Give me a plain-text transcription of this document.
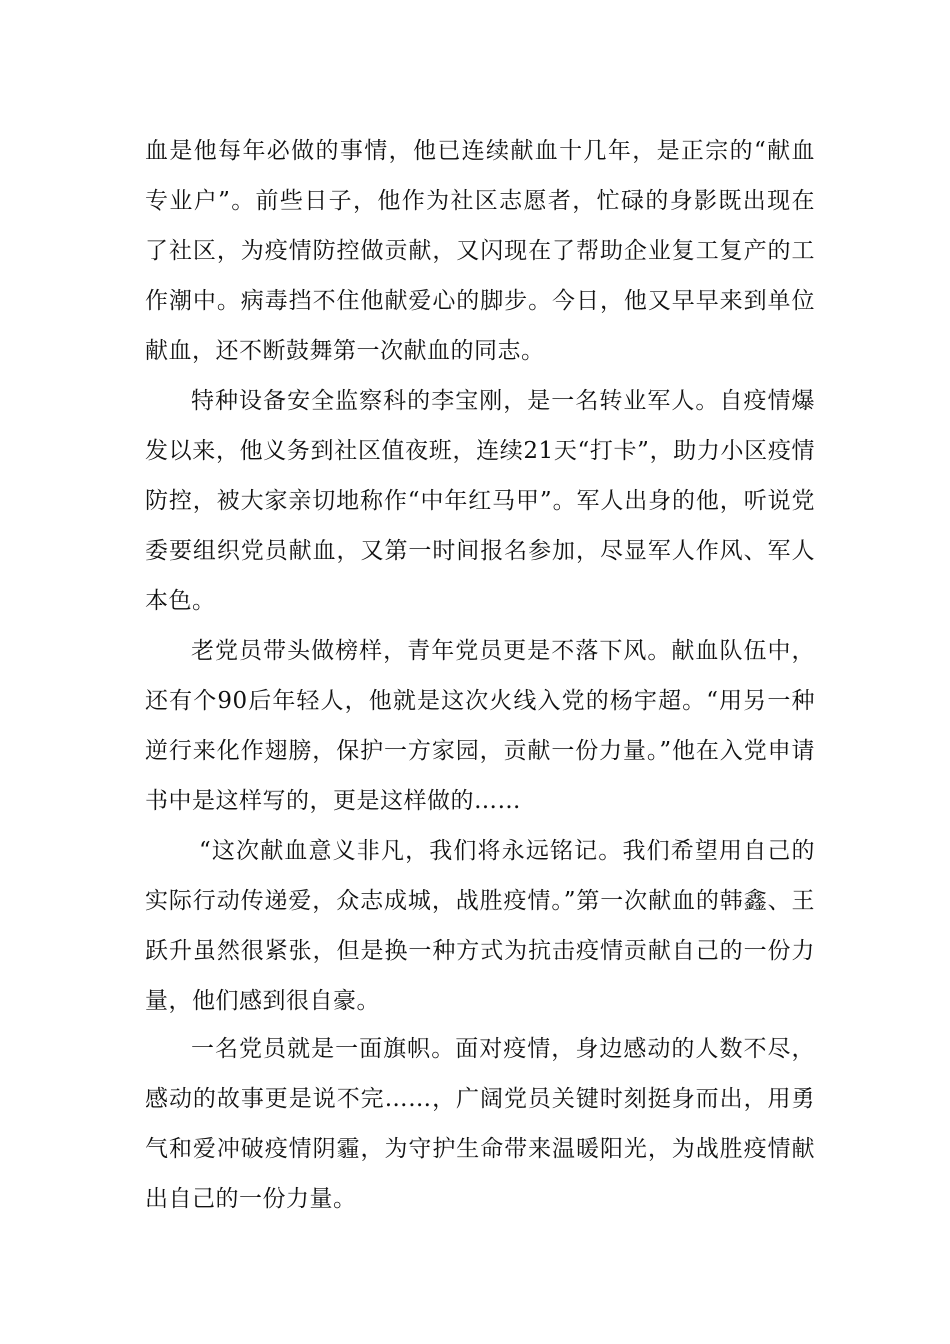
血是他每年必做的事情，他已连续献血十几年，是正宗的“献血专业户”。前些日子，他作为社区志愿者，忙碌的身影既出现在了社区，为疫情防控做贡献，又闪现在了帮助企业复工复产的工作潮中。病毒挡不住他献爱心的脚步。今日，他又早早来到单位献血，还不断鼓舞第一次献血的同志。

特种设备安全监察科的李宝刚，是一名转业军人。自疫情爆发以来，他义务到社区值夜班，连续21天“打卡”，助力小区疫情防控，被大家亲切地称作“中年红马甲”。军人出身的他，听说党委要组织党员献血，又第一时间报名参加，尽显军人作风、军人本色。

老党员带头做榜样，青年党员更是不落下风。献血队伍中，还有个90后年轻人，他就是这次火线入党的杨宇超。“用另一种逆行来化作翅膀，保护一方家园，贡献一份力量。”他在入党申请书中是这样写的，更是这样做的……

“这次献血意义非凡，我们将永远铭记。我们希望用自己的实际行动传递爱，众志成城，战胜疫情。”第一次献血的韩鑫、王跃升虽然很紧张，但是换一种方式为抗击疫情贡献自己的一份力量，他们感到很自豪。

一名党员就是一面旗帜。面对疫情，身边感动的人数不尽，感动的故事更是说不完……，广阔党员关键时刻挺身而出，用勇气和爱冲破疫情阴霾，为守护生命带来温暖阳光，为战胜疫情献出自己的一份力量。
